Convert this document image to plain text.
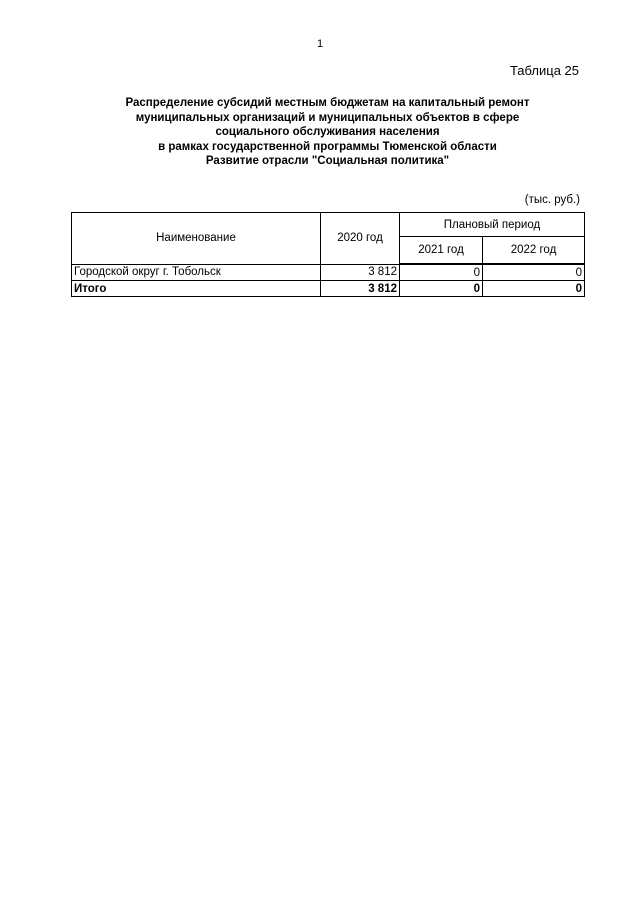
1
Таблица 25
Распределение субсидий местным бюджетам на капитальный ремонт
муниципальных организаций и муниципальных объектов в сфере
социального обслуживания населения
в рамках государственной программы Тюменской области
Развитие отрасли "Социальная политика"
(тыс. руб.)
Наименование	2020 год	Плановый период	
		2021 год	2022 год
Городской округ г. Тобольск	3 812	0	0
Итого	3 812	0	0
